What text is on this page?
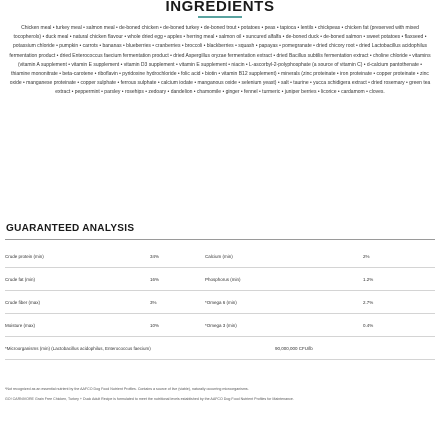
INGREDIENTS
Chicken meal • turkey meal • salmon meal • de-boned chicken • de-boned turkey • de-boned trout • potatoes • peas • tapioca • lentils • chickpeas • chicken fat (preserved with mixed tocopherols) • duck meal • natural chicken flavour • whole dried egg • apples • herring meal • salmon oil • suncured alfalfa • de-boned duck • de-boned salmon • sweet potatoes • flaxseed • potassium chloride • pumpkin • carrots • bananas • blueberries • cranberries • broccoli • blackberries • squash • papayas • pomegranate • dried chicory root • dried Lactobacillus acidophilus fermentation product • dried Enterococcus faecium fermentation product • dried Aspergillus oryzae fermentation extract • dried Bacillus subtilis fermentation extract • choline chloride • vitamins (vitamin A supplement • vitamin E supplement • vitamin D3 supplement • vitamin E supplement • niacin • L-ascorbyl-2-polyphosphate (a source of vitamin C) • d-calcium pantothenate • thiamine mononitrate • beta-carotene • riboflavin • pyridoxine hydrochloride • folic acid • biotin • vitamin B12 supplement) • minerals (zinc proteinate • iron proteinate • copper proteinate • zinc oxide • manganese proteinate • copper sulphate • ferrous sulphate • calcium iodate • manganous oxide • selenium yeast) • salt • taurine • yucca schidigera extract • dried rosemary • green tea extract • peppermint • parsley • rosehips • zedoary • dandelion • chamomile • ginger • fennel • turmeric • juniper berries • licorice • cardamom • cloves.
GUARANTEED ANALYSIS
Crude protein (min)	34%	Calcium (min)	2%
Crude fat (min)	16%	Phosphorus (min)	1.2%
Crude fiber (max)	3%	*Omega 6 (min)	2.7%
Moisture (max)	10%	*Omega 3 (min)	0.4%
*Microorganisms (min) (Lactobacillus acidophilus, Enterococcus faecium)	90,000,000 CFU/lb

*Not recognized as an essential nutrient by the AAFCO Dog Food Nutrient Profiles. Contains a source of live (viable), naturally occurring microorganisms.

GO! CARNIVORE Grain Free Chicken, Turkey + Duck Adult Recipe is formulated to meet the nutritional levels established by the AAFCO Dog Food Nutrient Profiles for Maintenance.
